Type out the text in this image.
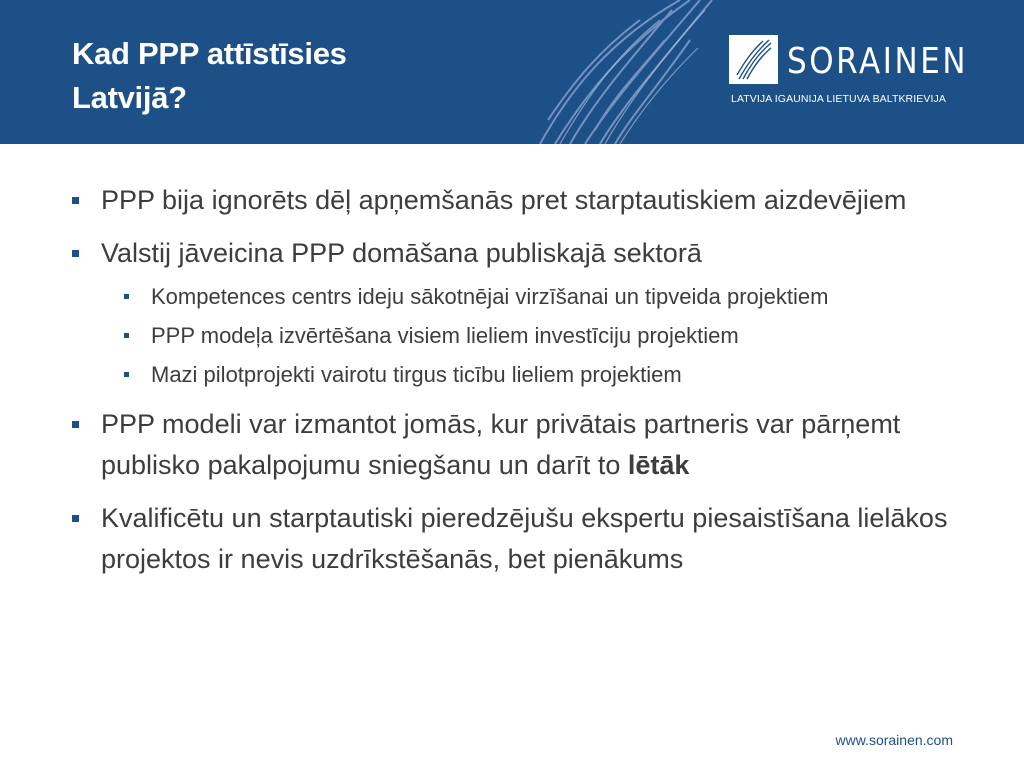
Kad PPP attīstīsies
Latvijā?
SORAINEN
LATVIJA IGAUNIJA LIETUVA BALTKRIEVIJA
PPP bija ignorēts dēļ apņemšanās pret starptautiskiem aizdevējiem
Valstij jāveicina PPP domāšana publiskajā sektorā
Kompetences centrs ideju sākotnējai virzīšanai un tipveida projektiem
PPP modeļa izvērtēšana visiem lieliem investīciju projektiem
Mazi pilotprojekti vairotu tirgus ticību lieliem projektiem
PPP modeli var izmantot jomās, kur privātais partneris var pārņemt publisko pakalpojumu sniegšanu un darīt to lētāk
Kvalificētu un starptautiski pieredzējušu ekspertu piesaistīšana lielākos projektos ir nevis uzdrīkstēšanās, bet pienākums
www.sorainen.com
